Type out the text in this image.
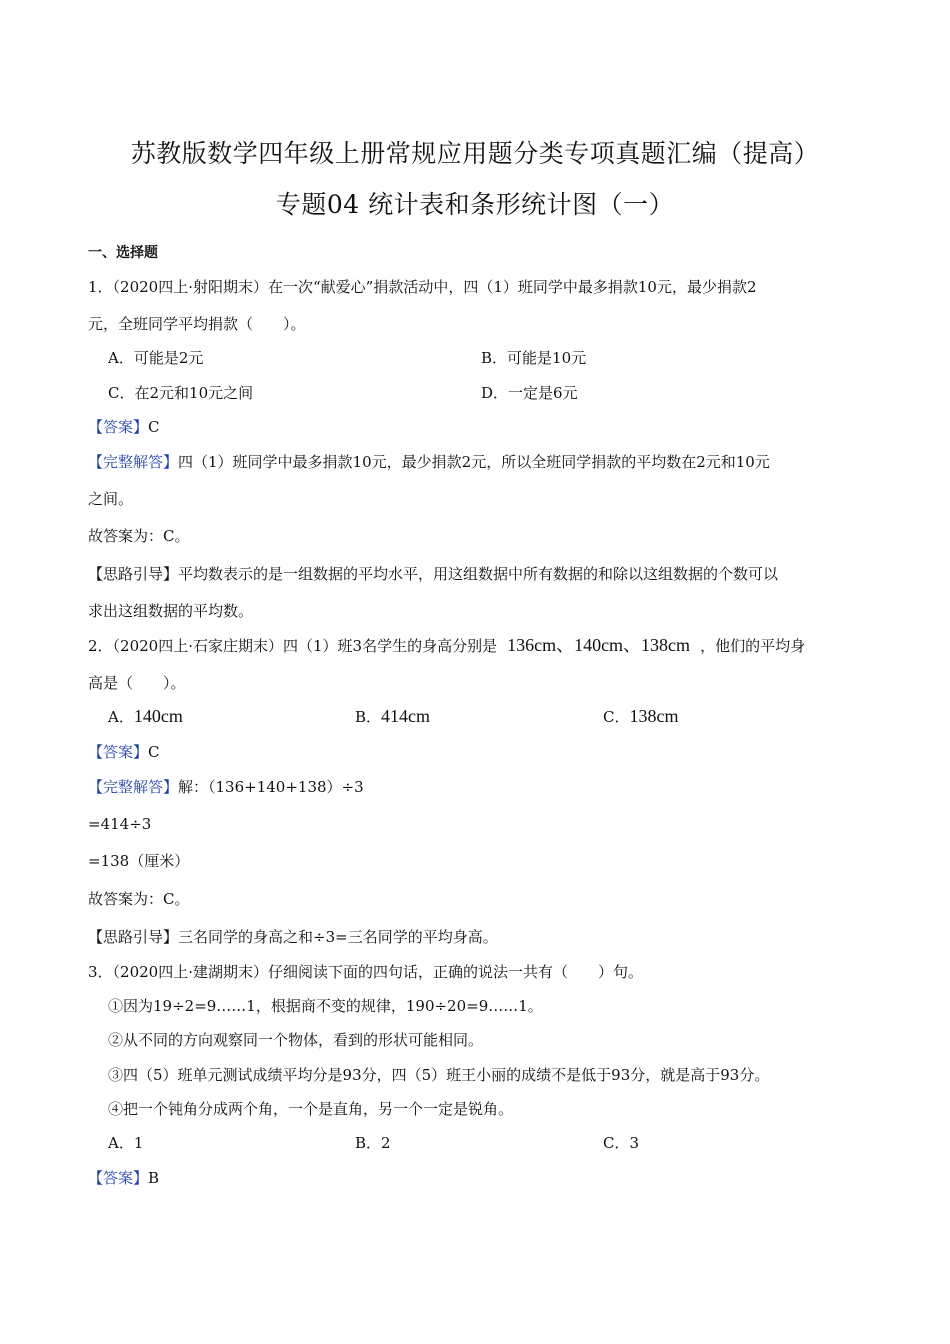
苏教版数学四年级上册常规应用题分类专项真题汇编（提高）
专题04 统计表和条形统计图（一）
一、选择题
1．（2020四上·射阳期末）在一次“献爱心”捐款活动中，四（1）班同学中最多捐款10元，最少捐款2
元，全班同学平均捐款（　　）。
A．可能是2元	B．可能是10元
C．在2元和10元之间	D．一定是6元
【答案】C
【完整解答】四（1）班同学中最多捐款10元，最少捐款2元，所以全班同学捐款的平均数在2元和10元
之间。
故答案为：C。
【思路引导】平均数表示的是一组数据的平均水平，用这组数据中所有数据的和除以这组数据的个数可以
求出这组数据的平均数。
2．（2020四上·石家庄期末）四（1）班3名学生的身高分别是 136cm、140cm、138cm ，他们的平均身
高是（　　）。
A．140cm	B．414cm	C．138cm
【答案】C
【完整解答】解：（136+140+138）÷3
=414÷3
=138（厘米）
故答案为：C。
【思路引导】三名同学的身高之和÷3=三名同学的平均身高。
3．（2020四上·建湖期末）仔细阅读下面的四句话，正确的说法一共有（　　）句。
①因为19÷2=9……1，根据商不变的规律，190÷20=9……1。
②从不同的方向观察同一个物体，看到的形状可能相同。
③四（5）班单元测试成绩平均分是93分，四（5）班王小丽的成绩不是低于93分，就是高于93分。
④把一个钝角分成两个角，一个是直角，另一个一定是锐角。
A．1	B．2	C．3
【答案】B
